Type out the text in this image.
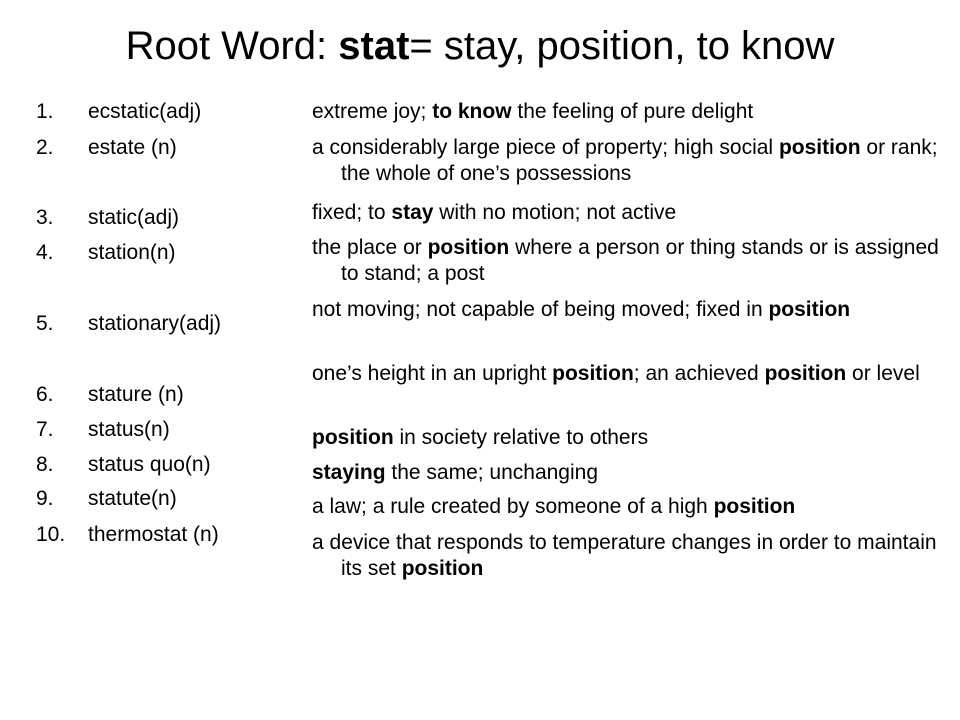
Root Word: stat= stay, position, to know
1. ecstatic(adj)
2. estate (n)
3. static(adj)
4. station(n)
5. stationary(adj)
6. stature (n)
7. status(n)
8. status quo(n)
9. statute(n)
10. thermostat (n)
extreme joy; to know the feeling of pure delight
a considerably large piece of property; high social position or rank; the whole of one’s possessions
fixed; to stay with no motion; not active
the place or position where a person or thing stands or is assigned to stand; a post
not moving; not capable of being moved; fixed in position
one’s height in an upright position; an achieved position or level
position in society relative to others
staying the same; unchanging
a law; a rule created by someone of a high position
a device that responds to temperature changes in order to maintain its set position
